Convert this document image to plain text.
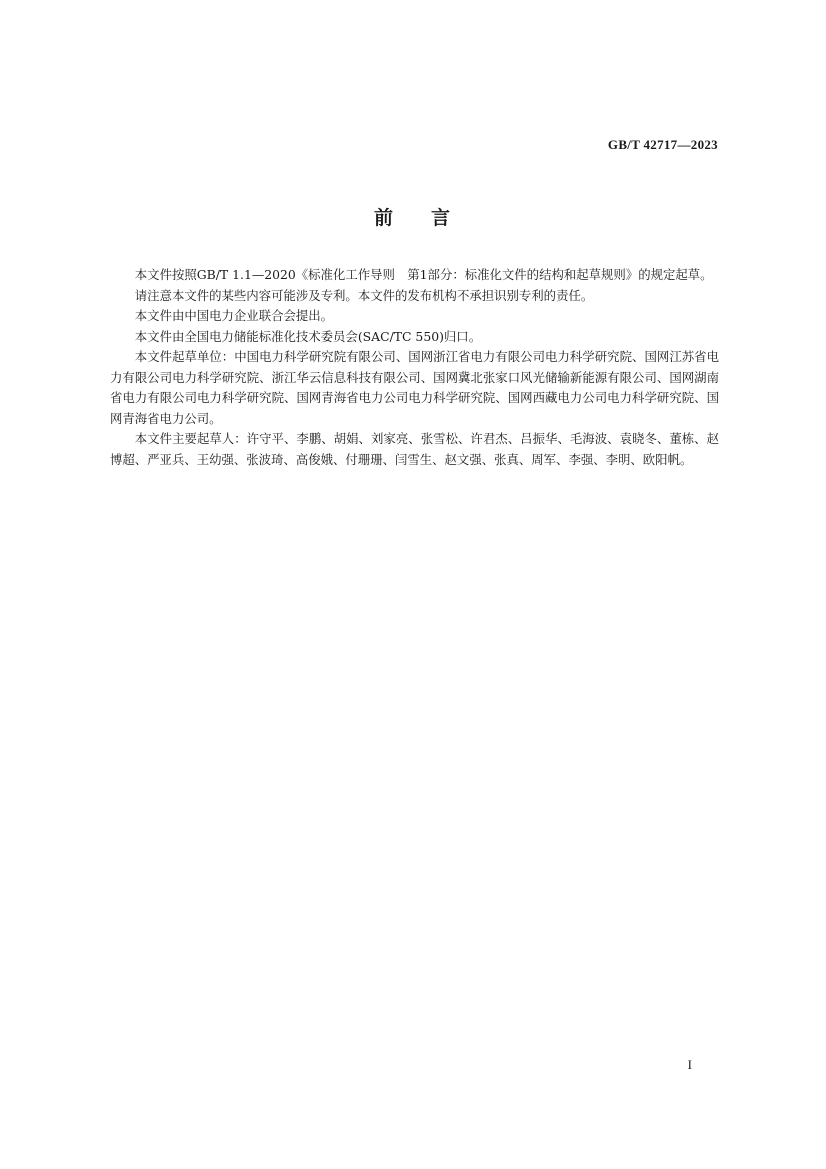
GB/T 42717—2023
前 言

本文件按照GB/T 1.1—2020《标准化工作导则　第1部分：标准化文件的结构和起草规则》的规定起草。

请注意本文件的某些内容可能涉及专利。本文件的发布机构不承担识别专利的责任。

本文件由中国电力企业联合会提出。

本文件由全国电力储能标准化技术委员会(SAC/TC 550)归口。

本文件起草单位：中国电力科学研究院有限公司、国网浙江省电力有限公司电力科学研究院、国网江苏省电力有限公司电力科学研究院、浙江华云信息科技有限公司、国网冀北张家口风光储输新能源有限公司、国网湖南省电力有限公司电力科学研究院、国网青海省电力公司电力科学研究院、国网西藏电力公司电力科学研究院、国网青海省电力公司。

本文件主要起草人：许守平、李鹏、胡娟、刘家亮、张雪松、许君杰、吕振华、毛海波、袁晓冬、董栋、赵博超、严亚兵、王幼强、张波琦、高俊娥、付珊珊、闫雪生、赵文强、张真、周军、李强、李明、欧阳帆。

I
